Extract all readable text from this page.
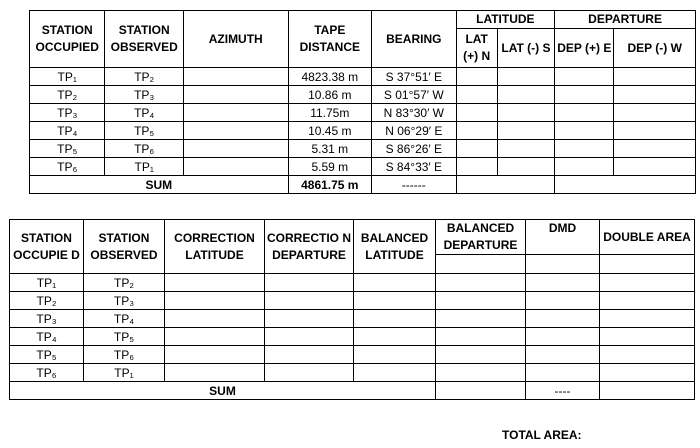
STATION OCCUPIED	STATION OBSERVED	AZIMUTH	TAPE DISTANCE	BEARING	LATITUDE		DEPARTURE	
					LAT (+) N	LAT (-) S	DEP (+) E	DEP (-) W
TP₁	TP₂		4823.38 m	S 37°51′ E				
TP₂	TP₃		10.86 m	S 01°57′ W				
TP₃	TP₄		11.75m	N 83°30′ W				
TP₄	TP₅		10.45 m	N 06°29′ E				
TP₅	TP₆		5.31 m	S 86°26′ E				
TP₆	TP₁		5.59 m	S 84°33′ E				
SUM			4861.75 m	------				
STATION OCCUPIE D	STATION OBSERVED	CORRECTION LATITUDE	CORRECTIO N DEPARTURE	BALANCED LATITUDE	BALANCED DEPARTURE	DMD	DOUBLE AREA

TP₁	TP₂						
TP₂	TP₃						
TP₃	TP₄						
TP₄	TP₅						
TP₅	TP₆						
TP₆	TP₁						
SUM						----	
TOTAL AREA:
